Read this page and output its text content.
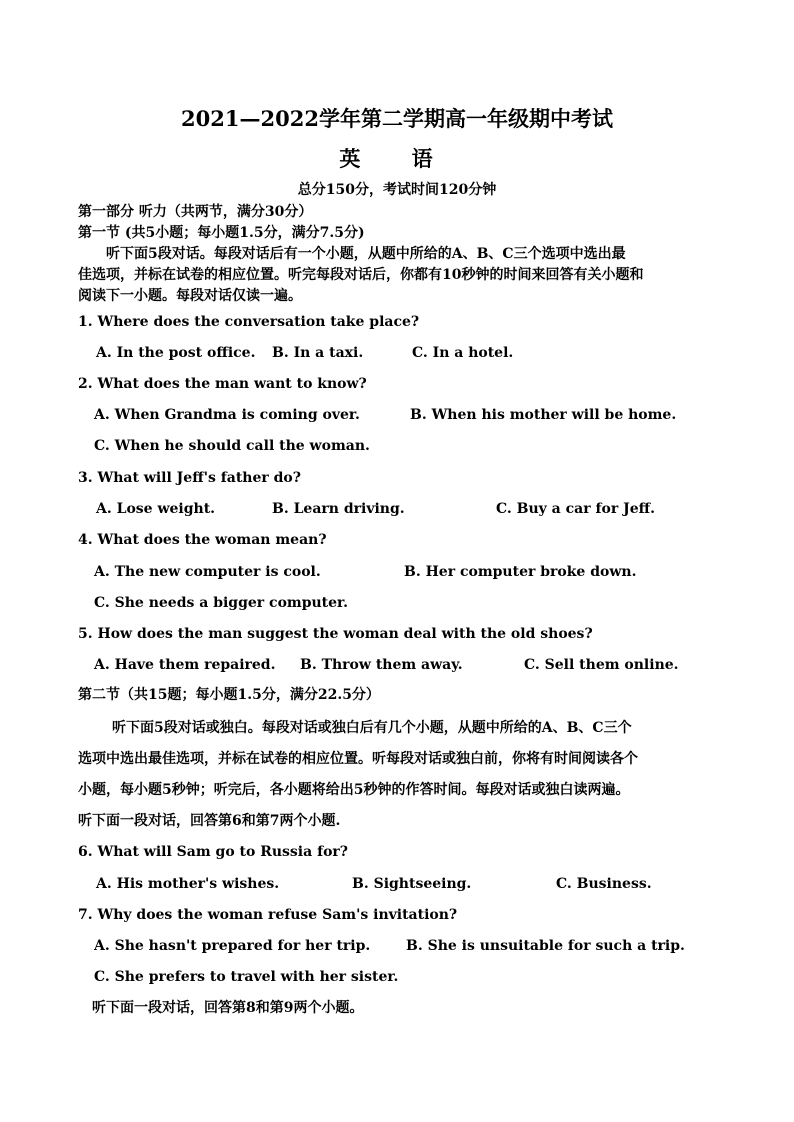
2021—2022学年第二学期高一年级期中考试
英 语
总分150分，考试时间120分钟
第一部分 听力（共两节，满分30分）
第一节 (共5小题；每小题1.5分，满分7.5分)
听下面5段对话。每段对话后有一个小题，从题中所给的A、B、C三个选项中选出最
佳选项，并标在试卷的相应位置。听完每段对话后，你都有10秒钟的时间来回答有关小题和
阅读下一小题。每段对话仅读一遍。
1. Where does the conversation take place?
A. In the post office. B. In a taxi.	C. In a hotel.
2. What does the man want to know?
A. When Grandma is coming over.	B. When his mother will be home.
C. When he should call the woman.
3. What will Jeff's father do?
A. Lose weight.	B. Learn driving.	C. Buy a car for Jeff.
4. What does the woman mean?
A. The new computer is cool.	B. Her computer broke down.
C. She needs a bigger computer.
5. How does the man suggest the woman deal with the old shoes?
A. Have them repaired. B. Throw them away.	C. Sell them online.
第二节（共15题；每小题1.5分，满分22.5分）
听下面5段对话或独白。每段对话或独白后有几个小题，从题中所给的A、B、C三个
选项中选出最佳选项，并标在试卷的相应位置。听每段对话或独白前，你将有时间阅读各个
小题，每小题5秒钟；听完后，各小题将给出5秒钟的作答时间。每段对话或独白读两遍。
听下面一段对话，回答第6和第7两个小题.
6. What will Sam go to Russia for?
A. His mother's wishes.	B. Sightseeing.	C. Business.
7. Why does the woman refuse Sam's invitation?
A. She hasn't prepared for her trip.	B. She is unsuitable for such a trip.
C. She prefers to travel with her sister.
听下面一段对话，回答第8和第9两个小题。
